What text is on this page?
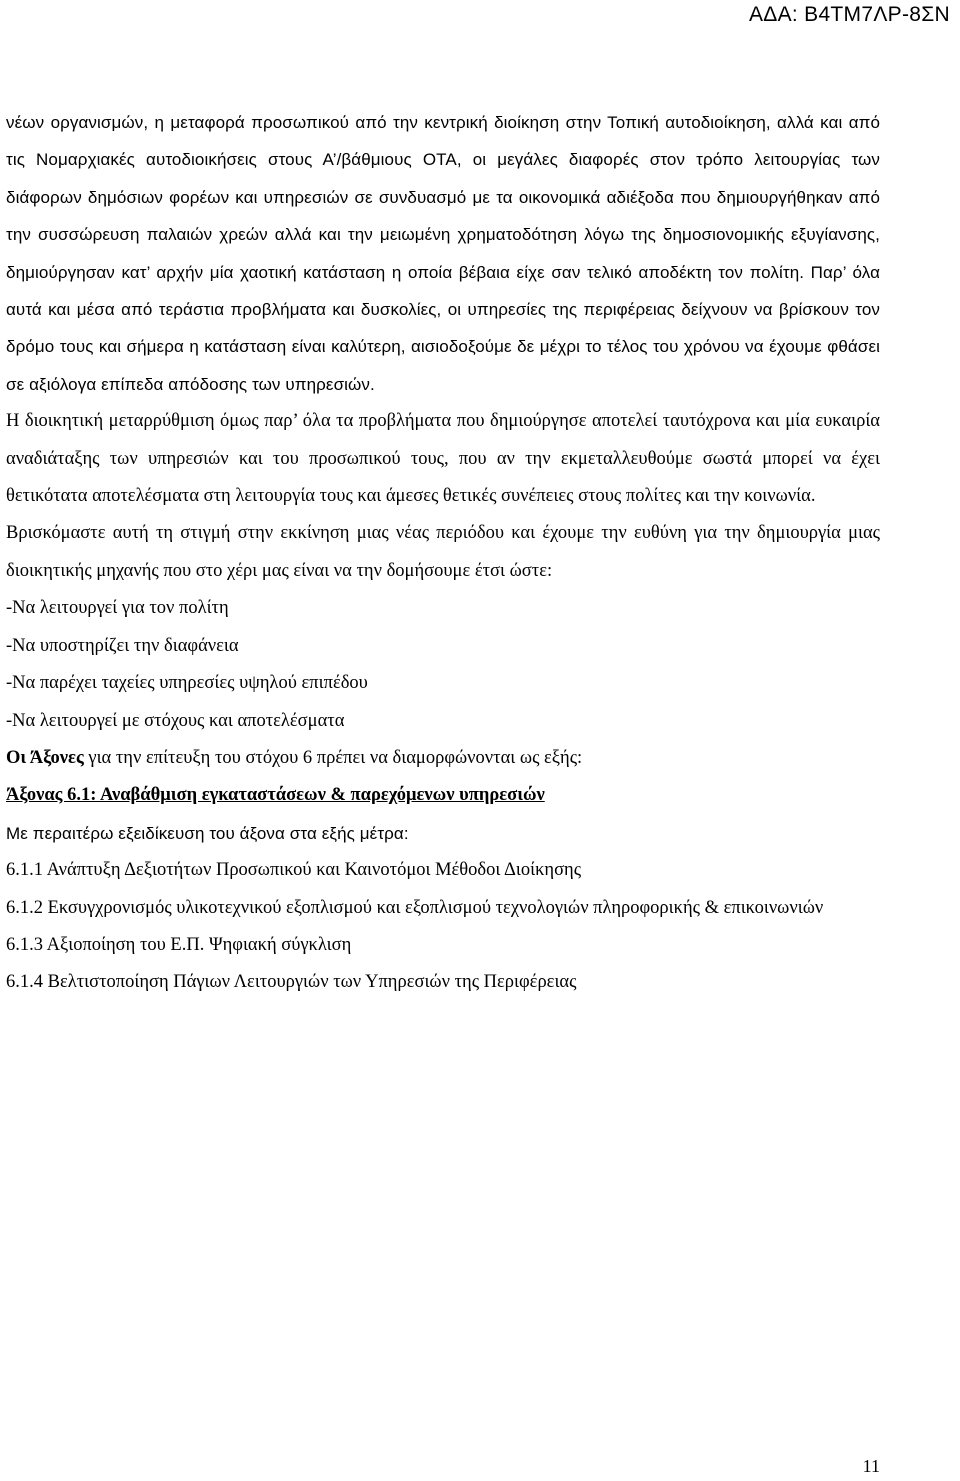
ΑΔΑ: Β4ΤΜ7ΛΡ-8ΣΝ

νέων οργανισμών, η μεταφορά προσωπικού από την κεντρική διοίκηση στην Τοπική αυτοδιοίκηση, αλλά και από τις Νομαρχιακές αυτοδιοικήσεις στους Α’/βάθμιους ΟΤΑ, οι μεγάλες διαφορές στον τρόπο λειτουργίας των διάφορων δημόσιων φορέων και υπηρεσιών σε συνδυασμό με τα οικονομικά αδιέξοδα που δημιουργήθηκαν από την συσσώρευση παλαιών χρεών αλλά και την μειωμένη χρηματοδότηση λόγω της δημοσιονομικής εξυγίανσης, δημιούργησαν κατ’ αρχήν μία χαοτική κατάσταση η οποία βέβαια είχε σαν τελικό αποδέκτη τον πολίτη. Παρ’ όλα αυτά και μέσα από τεράστια προβλήματα και δυσκολίες, οι υπηρεσίες της περιφέρειας δείχνουν να βρίσκουν τον δρόμο τους και σήμερα η κατάσταση είναι καλύτερη, αισιοδοξούμε δε μέχρι το τέλος του χρόνου να έχουμε φθάσει σε αξιόλογα επίπεδα απόδοσης των υπηρεσιών.

Η διοικητική μεταρρύθμιση όμως παρ’ όλα τα προβλήματα που δημιούργησε αποτελεί ταυτόχρονα και μία ευκαιρία αναδιάταξης των υπηρεσιών και του προσωπικού τους, που αν την εκμεταλλευθούμε σωστά μπορεί να έχει θετικότατα αποτελέσματα στη λειτουργία τους και άμεσες θετικές συνέπειες στους πολίτες και την κοινωνία.

Βρισκόμαστε αυτή τη στιγμή στην εκκίνηση μιας νέας περιόδου και έχουμε την ευθύνη για την δημιουργία μιας διοικητικής μηχανής που στο χέρι μας είναι να την δομήσουμε έτσι ώστε:

-Να λειτουργεί για τον πολίτη
-Να υποστηρίζει την διαφάνεια
-Να παρέχει ταχείες υπηρεσίες υψηλού επιπέδου
-Να λειτουργεί με στόχους και αποτελέσματα
Οι Άξονες για την επίτευξη του στόχου 6 πρέπει να διαμορφώνονται ως εξής:
Άξονας 6.1: Αναβάθμιση εγκαταστάσεων & παρεχόμενων υπηρεσιών
Με περαιτέρω εξειδίκευση του άξονα στα εξής μέτρα:
6.1.1 Ανάπτυξη Δεξιοτήτων Προσωπικού και Καινοτόμοι Μέθοδοι Διοίκησης
6.1.2 Εκσυγχρονισμός υλικοτεχνικού εξοπλισμού και εξοπλισμού τεχνολογιών πληροφορικής & επικοινωνιών
6.1.3 Αξιοποίηση του Ε.Π. Ψηφιακή σύγκλιση
6.1.4 Βελτιστοποίηση Πάγιων Λειτουργιών των Υπηρεσιών της Περιφέρειας
11
